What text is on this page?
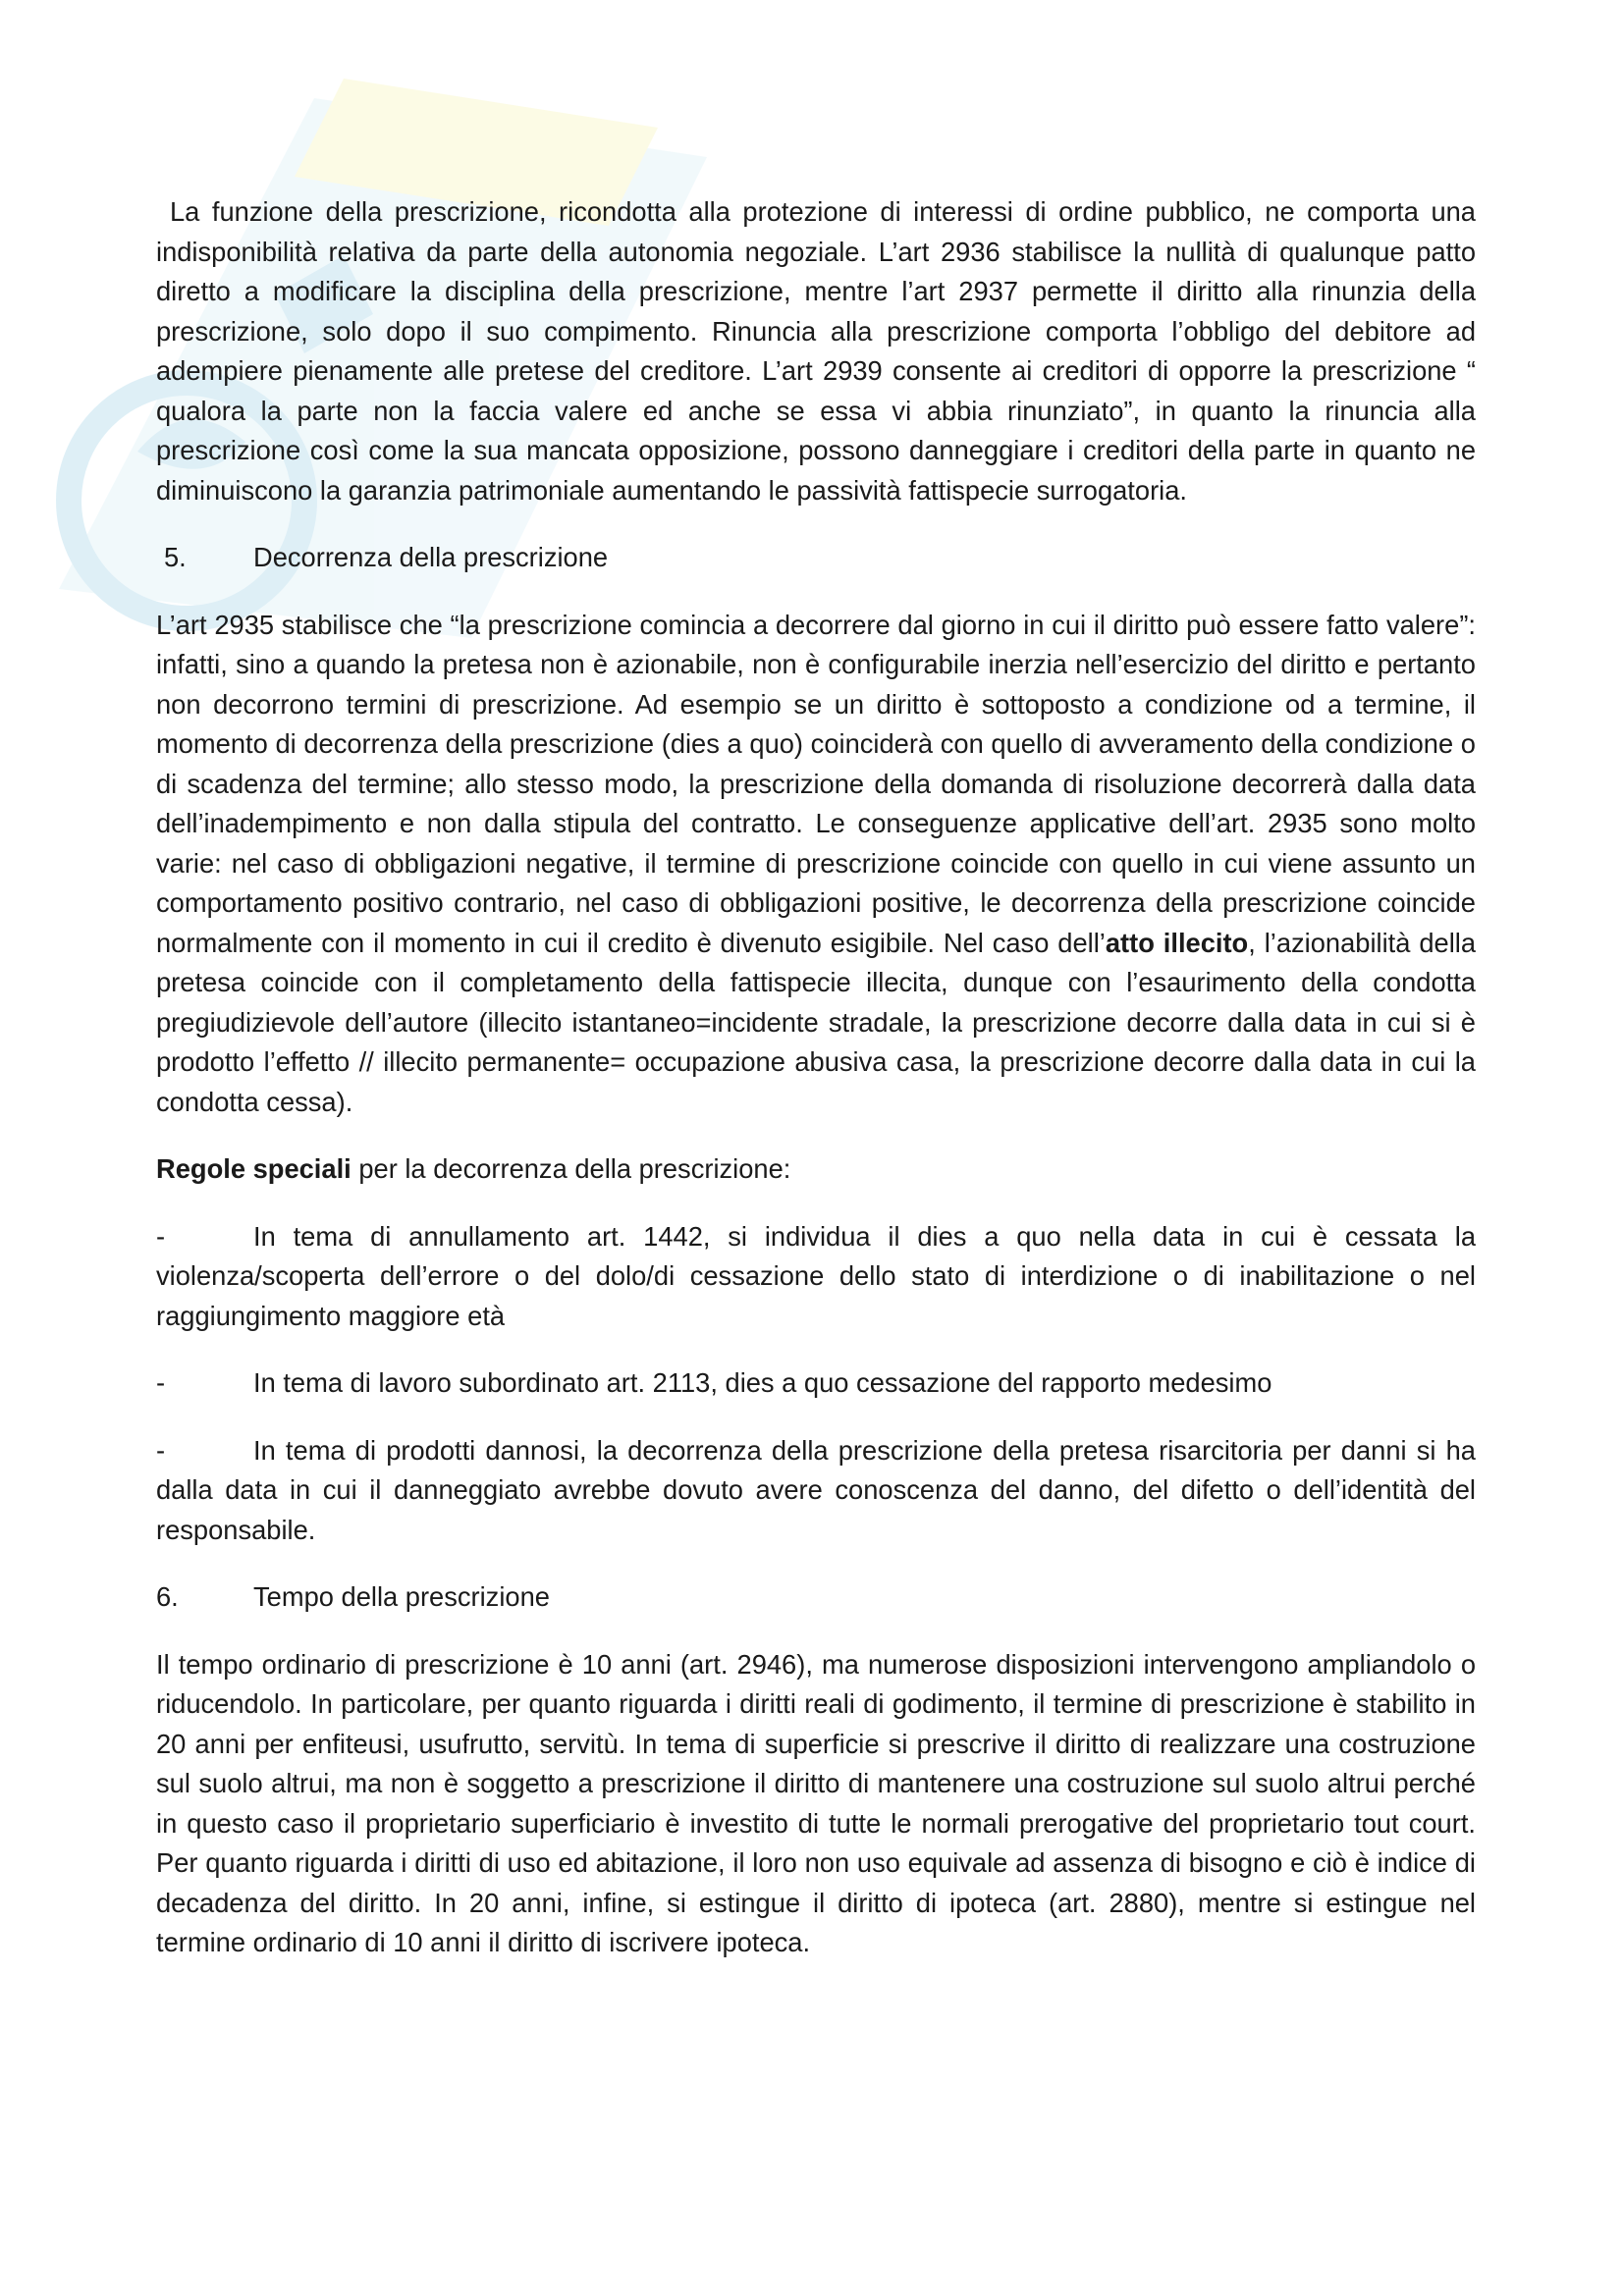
La funzione della prescrizione, ricondotta alla protezione di interessi di ordine pubblico, ne comporta una indisponibilità relativa da parte della autonomia negoziale. L’art 2936 stabilisce la nullità di qualunque patto diretto a modificare la disciplina della prescrizione, mentre l’art 2937 permette il diritto alla rinunzia della prescrizione, solo dopo il suo compimento. Rinuncia alla prescrizione comporta l’obbligo del debitore ad adempiere pienamente alle pretese del creditore. L’art 2939 consente ai creditori di opporre la prescrizione “ qualora la parte non la faccia valere ed anche se essa vi abbia rinunziato”, in quanto la rinuncia alla prescrizione così come la sua mancata opposizione, possono danneggiare i creditori della parte in quanto ne diminuiscono la garanzia patrimoniale aumentando le passività fattispecie surrogatoria.

5.	Decorrenza della prescrizione

L’art 2935 stabilisce che “la prescrizione comincia a decorrere dal giorno in cui il diritto può essere fatto valere”: infatti, sino a quando la pretesa non è azionabile, non è configurabile inerzia nell’esercizio del diritto e pertanto non decorrono termini di prescrizione. Ad esempio se un diritto è sottoposto a condizione od a termine, il momento di decorrenza della prescrizione (dies a quo) coinciderà con quello di avveramento della condizione o di scadenza del termine; allo stesso modo, la prescrizione della domanda di risoluzione decorrerà dalla data dell’inadempimento e non dalla stipula del contratto. Le conseguenze applicative dell’art. 2935 sono molto varie: nel caso di obbligazioni negative, il termine di prescrizione coincide con quello in cui viene assunto un comportamento positivo contrario, nel caso di obbligazioni positive, le decorrenza della prescrizione coincide normalmente con il momento in cui il credito è divenuto esigibile. Nel caso dell’atto illecito, l’azionabilità della pretesa coincide con il completamento della fattispecie illecita, dunque con l’esaurimento della condotta pregiudizievole dell’autore (illecito istantaneo=incidente stradale, la prescrizione decorre dalla data in cui si è prodotto l’effetto // illecito permanente= occupazione abusiva casa, la prescrizione decorre dalla data in cui la condotta cessa).

Regole speciali per la decorrenza della prescrizione:

-	In tema di annullamento art. 1442, si individua il dies a quo nella data in cui è cessata la violenza/scoperta dell’errore o del dolo/di cessazione dello stato di interdizione o di inabilitazione o nel raggiungimento maggiore età
-	In tema di lavoro subordinato art. 2113, dies a quo cessazione del rapporto medesimo
-	In tema di prodotti dannosi, la decorrenza della prescrizione della pretesa risarcitoria per danni si ha dalla data in cui il danneggiato avrebbe dovuto avere conoscenza del danno, del difetto o dell’identità del responsabile.
6.	Tempo della prescrizione

Il tempo ordinario di prescrizione è 10 anni (art. 2946), ma numerose disposizioni intervengono ampliandolo o riducendolo. In particolare, per quanto riguarda i diritti reali di godimento, il termine di prescrizione è stabilito in 20 anni per enfiteusi, usufrutto, servitù. In tema di superficie si prescrive il diritto di realizzare una costruzione sul suolo altrui, ma non è soggetto a prescrizione il diritto di mantenere una costruzione sul suolo altrui perché in questo caso il proprietario superficiario è investito di tutte le normali prerogative del proprietario tout court. Per quanto riguarda i diritti di uso ed abitazione, il loro non uso equivale ad assenza di bisogno e ciò è indice di decadenza del diritto. In 20 anni, infine, si estingue il diritto di ipoteca (art. 2880), mentre si estingue nel termine ordinario di 10 anni il diritto di iscrivere ipoteca.
